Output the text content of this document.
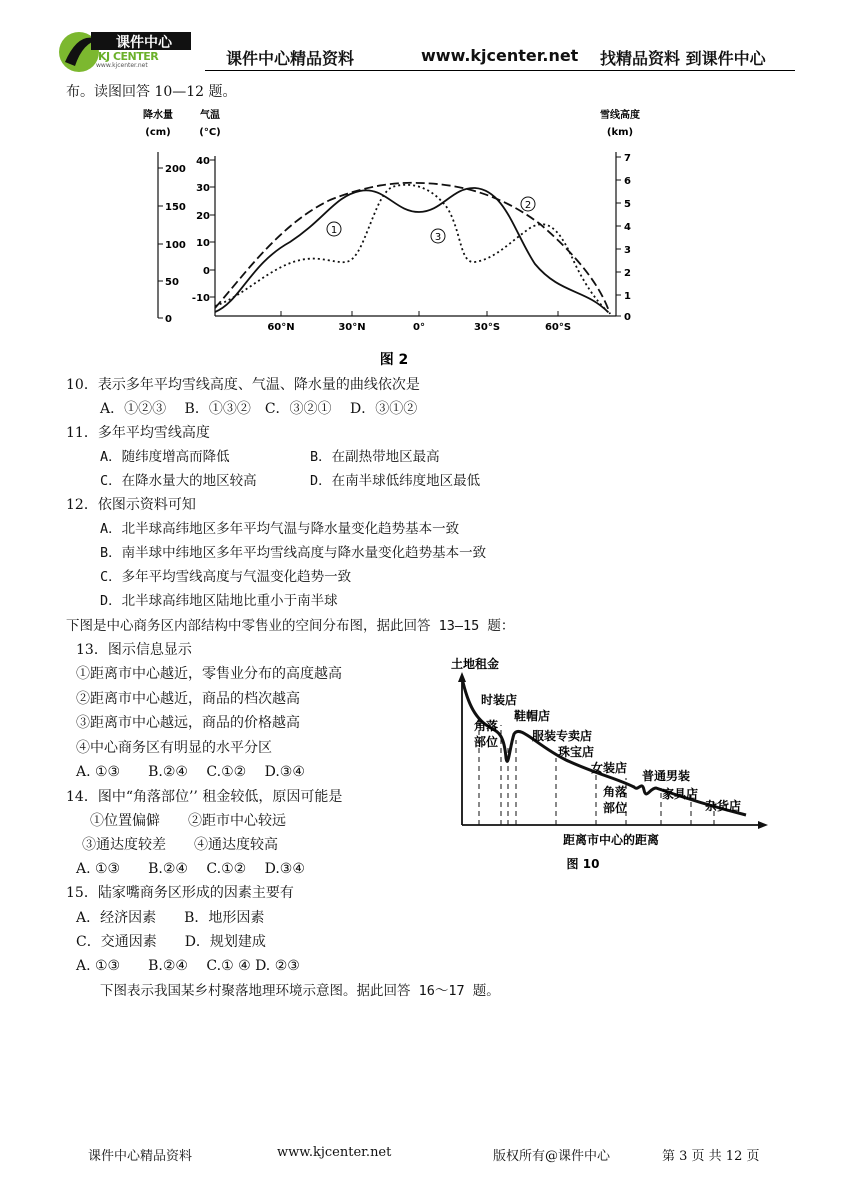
课件中心
KJ CENTER
www.kjcenter.net	课件中心精品资料	www.kjcenter.net 找精品资料 到课件中心
布。读图回答 10—12 题。
降水量
(cm)
气温
(°C)
雪线高度
(km)
200
150
100
50
0
40
30
20
10
0
-10
7
6
5
4
3
2
1
0
60°N	30°N	0°	30°S	60°S
1
2
3
图 2
10．表示多年平均雪线高度、气温、降水量的曲线依次是
A．①②③　 B．①③②　C．③②①　 D．③①②
11．多年平均雪线高度
A．随纬度增高而降低	B．在副热带地区最高
C．在降水量大的地区较高	D．在南半球低纬度地区最低
12．依图示资料可知
A．北半球高纬地区多年平均气温与降水量变化趋势基本一致
B．南半球中纬地区多年平均雪线高度与降水量变化趋势基本一致
C．多年平均雪线高度与气温变化趋势一致
D．北半球高纬地区陆地比重小于南半球
下图是中心商务区内部结构中零售业的空间分布图，据此回答 13—15 题：
13．图示信息显示
①距离市中心越近，零售业分布的高度越高
②距离市中心越近，商品的档次越高
③距离市中心越远，商品的价格越高
④中心商务区有明显的水平分区
A. ①③　　B.②④　 C.①②　 D.③④
14．图中“角落部位’’ 租金较低，原因可能是
①位置偏僻　　②距市中心较远
③通达度较差　　④通达度较高
A. ①③　　B.②④　 C.①②　 D.③④
15．陆家嘴商务区形成的因素主要有
A．经济因素　　B．地形因素
C．交通因素　　D．规划建成
A. ①③　　B.②④　 C.① ④ D. ②③
下图表示我国某乡村聚落地理环境示意图。据此回答 16～17 题。
土地租金
时装店
鞋帽店
角落
部位	服装专卖店
珠宝店
女装店
角落
部位
普通男装
家具店
杂货店
距离市中心的距离
图 10
课件中心精品资料	www.kjcenter.net	版权所有@课件中心	第 3 页 共 12 页
